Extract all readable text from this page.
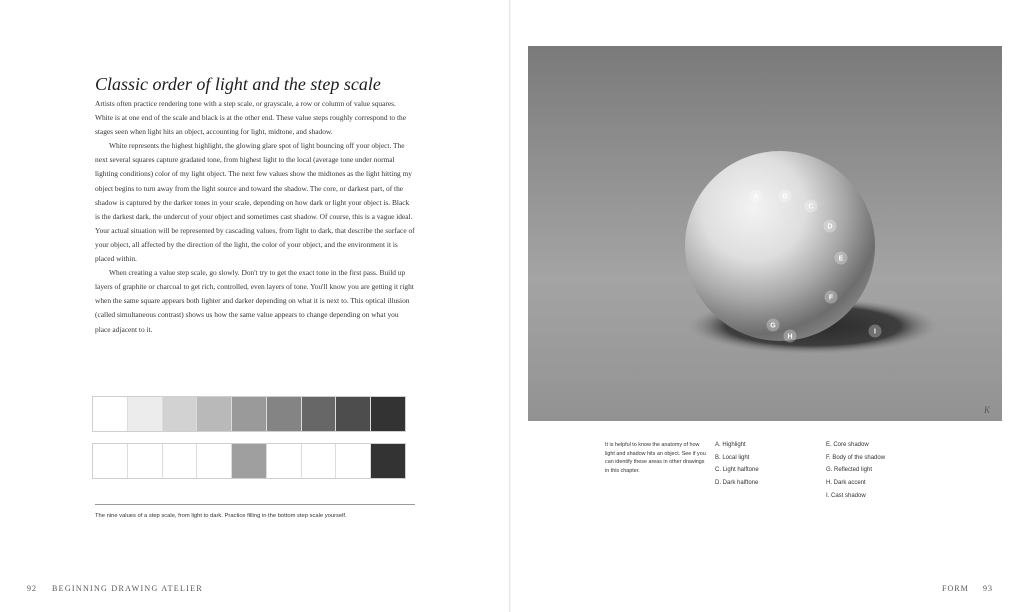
Classic order of light and the step scale

Artists often practice rendering tone with a step scale, or grayscale, a row or column of value squares. White is at one end of the scale and black is at the other end. These value steps roughly correspond to the stages seen when light hits an object, accounting for light, midtone, and shadow.

White represents the highest highlight, the glowing glare spot of light bouncing off your object. The next several squares capture gradated tone, from highest light to the local (average tone under normal lighting conditions) color of my light object. The next few values show the midtones as the light hitting my object begins to turn away from the light source and toward the shadow. The core, or darkest part, of the shadow is captured by the darker tones in your scale, depending on how dark or light your object is. Black is the darkest dark, the undercut of your object and sometimes cast shadow. Of course, this is a vague ideal. Your actual situation will be represented by cascading values, from light to dark, that describe the surface of your object, all affected by the direction of the light, the color of your object, and the environment it is placed within.

When creating a value step scale, go slowly. Don't try to get the exact tone in the first pass. Build up layers of graphite or charcoal to get rich, controlled, even layers of tone. You'll know you are getting it right when the same square appears both lighter and darker depending on what it is next to. This optical illusion (called simultaneous contrast) shows us how the same value appears to change depending on what you place adjacent to it.

The nine values of a step scale, from light to dark. Practice filling in the bottom step scale yourself.
92 BEGINNING DRAWING ATELIER
A	B
C
D
E
F
G
H
I
K
It is helpful to know the anatomy of how light and shadow hits an object. See if you can identify these areas in other drawings in this chapter.
A. Highlight
B. Local light
C. Light halftone
D. Dark halftone
E. Core shadow
F. Body of the shadow
G. Reflected light
H. Dark accent
I. Cast shadow
FORM 93
